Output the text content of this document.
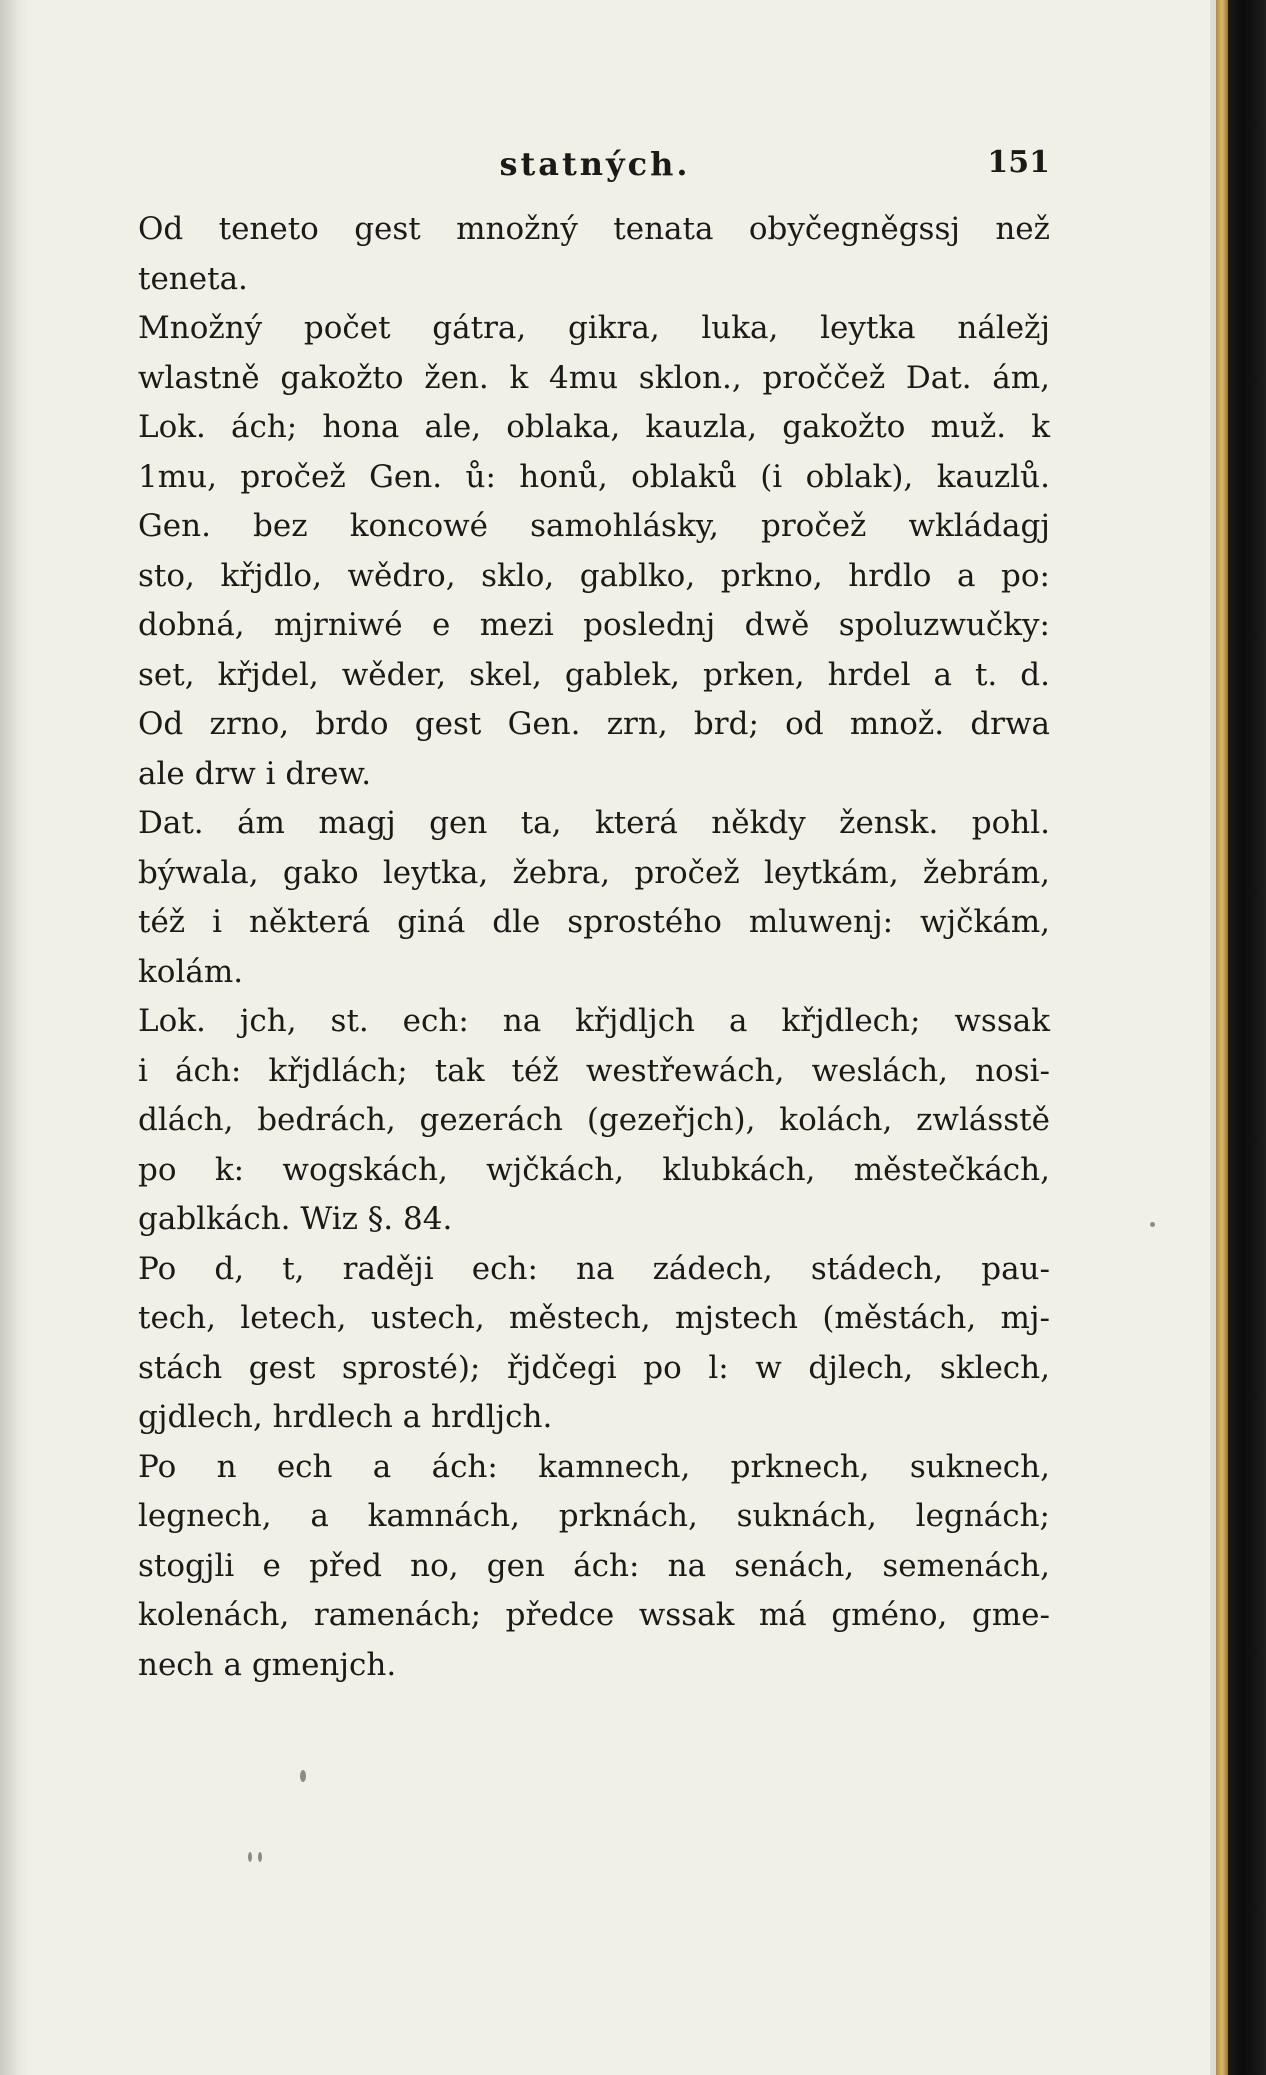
statných.	151
Od teneto gest množný tenata obyčegněgssj než
teneta.
Množný počet gátra, gikra, luka, leytka náležj
wlastně gakožto žen. k 4mu sklon., proččež Dat. ám,
Lok. ách; hona ale, oblaka, kauzla, gakožto muž. k
1mu, pročež Gen. ů: honů, oblaků (i oblak), kauzlů.
Gen. bez koncowé samohlásky, pročež wkládagj
sto, křjdlo, wědro, sklo, gablko, prkno, hrdlo a po:
dobná, mjrniwé e mezi poslednj dwě spoluzwučky:
set, křjdel, wěder, skel, gablek, prken, hrdel a t. d.
Od zrno, brdo gest Gen. zrn, brd; od množ. drwa
ale drw i drew.
Dat. ám magj gen ta, která někdy žensk. pohl.
býwala, gako leytka, žebra, pročež leytkám, žebrám,
též i některá giná dle sprostého mluwenj: wjčkám,
kolám.
Lok. jch, st. ech: na křjdljch a křjdlech; wssak
i ách: křjdlách; tak též westřewách, weslách, nosi-
dlách, bedrách, gezerách (gezeřjch), kolách, zwlásstě
po k: wogskách, wjčkách, klubkách, městečkách,
gablkách. Wiz §. 84.
Po d, t, raději ech: na zádech, stádech, pau-
tech, letech, ustech, městech, mjstech (městách, mj-
stách gest sprosté); řjdčegi po l: w djlech, sklech,
gjdlech, hrdlech a hrdljch.
Po n ech a ách: kamnech, prknech, suknech,
legnech, a kamnách, prknách, suknách, legnách;
stogjli e před no, gen ách: na senách, semenách,
kolenách, ramenách; předce wssak má gméno, gme-
nech a gmenjch.
